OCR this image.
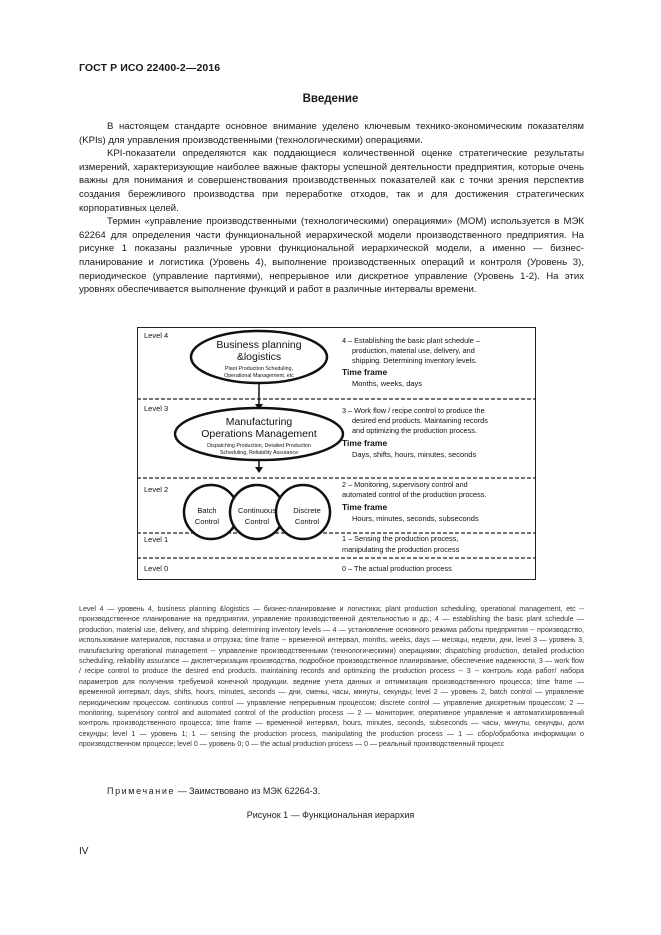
ГОСТ Р ИСО 22400-2—2016
Введение

В настоящем стандарте основное внимание уделено ключевым технико-экономическим показателям (KPIs) для управления производственными (технологическими) операциями.

KPI-показатели определяются как поддающиеся количественной оценке стратегические результаты измерений, характеризующие наиболее важные факторы успешной деятельности предприятия, которые очень важны для понимания и совершенствования производственных показателей как с точки зрения перспектив создания бережливого производства при переработке отходов, так и для достижения стратегических корпоративных целей.

Термин «управление производственными (технологическими) операциями» (МОМ) используется в МЭК 62264 для определения части функциональной иерархической модели производственного предприятия. На рисунке 1 показаны различные уровни функциональной иерархической модели, а именно — бизнес-планирование и логистика (Уровень 4), выполнение производственных операций и контроля (Уровень 3), периодическое (управление партиями), непрерывное или дискретное управление (Уровень 1-2). На этих уровнях обеспечивается выполнение функций и работ в различные интервалы времени.

Level 4
Level 3
Level 2
Level 1
Level 0
Business planning
&logistics
Plant Production Scheduling,
Operational Management, etc
4 – Establishing the basic plant schedule –
production, material use, delivery, and
shipping. Determining inventory levels.
Time frame
Months, weeks, days
Manufacturing
Operations Management
Dispatching Production, Detailed Production
Scheduling, Reliability Assurance
3 – Work flow / recipe control to produce the
desired end products. Maintaining records
and optimizing the production process.
Time frame
Days, shifts, hours, minutes, seconds
Batch
Control
Continuous
Control
Discrete
Control
2 – Monitoring, supervisory control and
automated control of the production process.
Time frame
Hours, minutes, seconds, subseconds
1 – Sensing the production process,
manipulating the production process
0 – The actual production process
Level 4 — уровень 4, business planning &logistics — бизнес-планирование и логистика; plant production scheduling, operational management, etc -- производственное планирование на предприятии, управление производственной деятельностью и др.; 4 — establishing the basic plant schedule — production, material use, delivery, and shipping. determining inventory levels — 4 — установление основного режима работы предприятия -- производство, использование материалов, поставка и отгрузка; time frame -- временной интервал, months, weeks, days — месяцы, недели, дни, level 3 — уровень 3, manufacturing operational management -- управление производственными (технологическими) операциями; dispatching production, detailed production scheduling, reliability assurance — диспетчеризация производства, подробное производственное планирование, обеспечение надежности, 3 — work flow / recipe control to produce the desired end products. maintaining records and optimizing the production process -- 3 -- контроль хода работ/ набора параметров для получения требуемой конечной продукции. ведение учета данных и оптимизация производственного процесса; time frame — временной интервал; days, shifts, hours, minutes, seconds — дни, смены, часы, минуты, секунды; level 2 — уровень 2, batch control — управление периодическим процессом. continuous control — управление непрерывным процессом; discrete control — управление дискретным процессом; 2 — monitoring, supervisory control and automated control of the production process — 2 — мониторинг, оперативное управление и автоматизированный контроль производственного процесса; time frame — временной интервал, hours, minutes, seconds, subseconds — часы, минуты, секунды, доли секунды; level 1 — уровень 1; 1 — sensing the production process, manipulating the production process — 1 — сбор/обработка информации о производственном процессе; level 0 — уровень 0; 0 — the actual production process — 0 — реальный производственный процесс
Примечание — Заимствовано из МЭК 62264-3.
Рисунок 1 — Функциональная иерархия
IV
